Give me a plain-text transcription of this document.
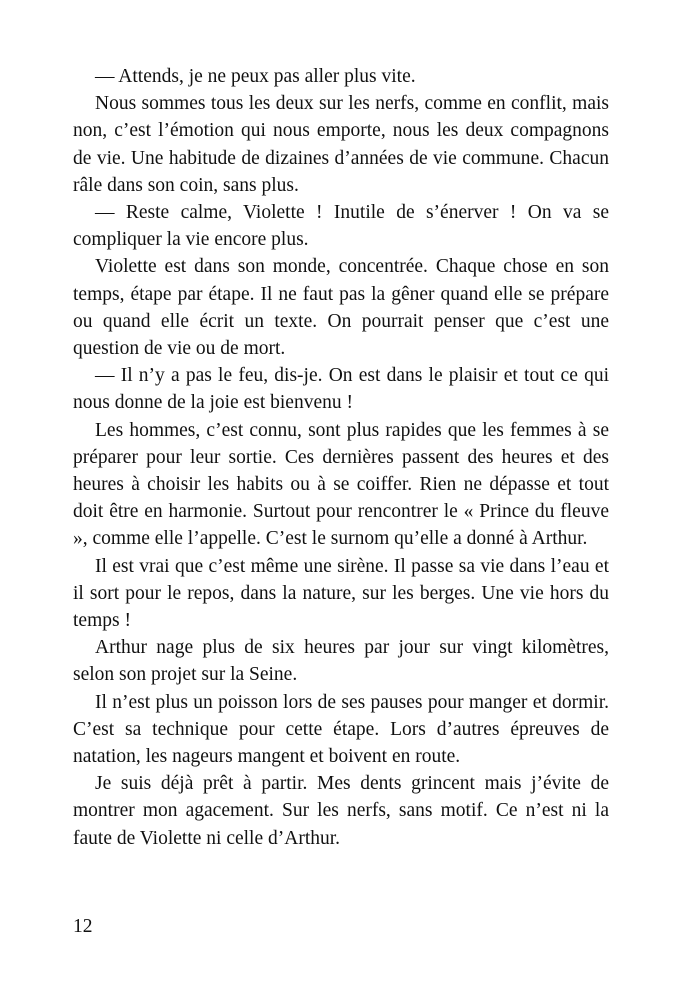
— Attends, je ne peux pas aller plus vite.

Nous sommes tous les deux sur les nerfs, comme en conflit, mais non, c’est l’émotion qui nous emporte, nous les deux compagnons de vie. Une habitude de dizaines d’années de vie commune. Chacun râle dans son coin, sans plus.

— Reste calme, Violette ! Inutile de s’énerver ! On va se compliquer la vie encore plus.

Violette est dans son monde, concentrée. Chaque chose en son temps, étape par étape. Il ne faut pas la gêner quand elle se prépare ou quand elle écrit un texte. On pourrait penser que c’est une question de vie ou de mort.

— Il n’y a pas le feu, dis-je. On est dans le plaisir et tout ce qui nous donne de la joie est bienvenu !

Les hommes, c’est connu, sont plus rapides que les femmes à se préparer pour leur sortie. Ces dernières passent des heures et des heures à choisir les habits ou à se coiffer. Rien ne dépasse et tout doit être en harmonie. Surtout pour rencontrer le « Prince du fleuve », comme elle l’appelle. C’est le surnom qu’elle a donné à Arthur.

Il est vrai que c’est même une sirène. Il passe sa vie dans l’eau et il sort pour le repos, dans la nature, sur les berges. Une vie hors du temps !

Arthur nage plus de six heures par jour sur vingt kilomètres, selon son projet sur la Seine.

Il n’est plus un poisson lors de ses pauses pour manger et dormir. C’est sa technique pour cette étape. Lors d’autres épreuves de natation, les nageurs mangent et boivent en route.

Je suis déjà prêt à partir. Mes dents grincent mais j’évite de montrer mon agacement. Sur les nerfs, sans motif. Ce n’est ni la faute de Violette ni celle d’Arthur.

12
